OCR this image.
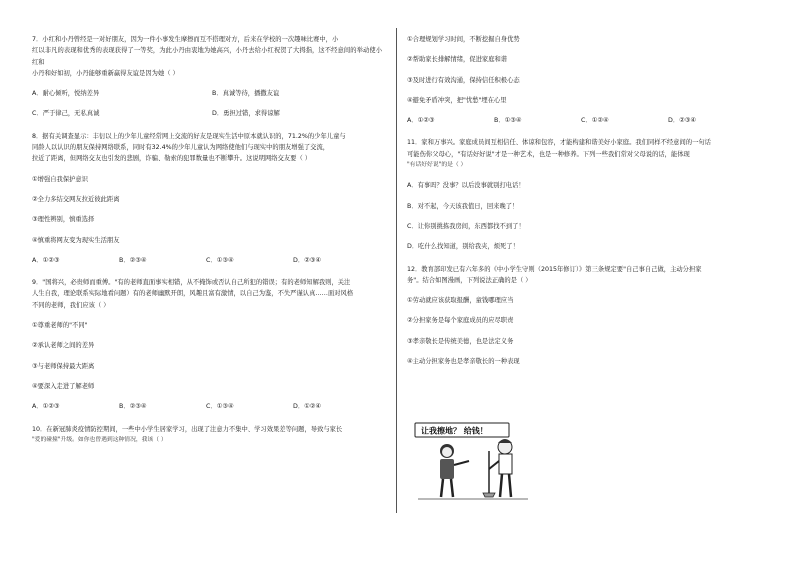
7．小红和小丹曾经是一对好朋友，因为一件小事发生摩擦而互不搭理对方，后来在学校的一次趣味比赛中，小
红以非凡的表现和优秀的表现获得了一等奖，为此小丹由衷地为她高兴，小丹去给小红祝贺了大拇指，这不经意间的举动使小红和
小丹和好如初，小丹能够重新赢得友谊是因为她（ ）
A．耐心倾听，悦纳差异	B．真诚等待，播撒友谊
C．严于律己，无私真诚	D．勇担过错，求得谅解
8．据有关调查显示：丰衍以上的少年儿童经常网上交流的好友是现实生活中原本就认识的，71.2%的少年儿童与
同龄人以认识的朋友保持网络联系，同时有32.4%的少年儿童认为网络使他们与现实中的朋友增强了交流，
拉近了距离，但网络交友也引发的悲剧，诈骗、勒索的犯罪数量也不断攀升。这说明网络交友要（ ）
①增强自我保护意识
②全力多结交网友拉近彼此距离
③理性辨别，慎重选择
④慎重将网友变为现实生活朋友
A．①②③	B．②③④	C．①③④	D．②③④
9．"国将兴，必贵师而重傅。"有的老师直面事实相错，从不掩饰或否认自己所犯的错误；有的老师知解我则，关注
人生自我，理论联系实际地看问题）有的老师幽默开朗，风趣且富有激情，以自己为鉴，不失严谨认真……面对风格
不同的老师，我们应该（ ）
①尊重老师的"不同"
②承认老师之间的差异
③与老师保持最大距离
④要深入走进了解老师
A．①②③	B．②③④	C．①③④	D．①②④
10．在新冠肺炎疫情防控期间，一些中小学生居家学习，出现了注意力不集中、学习效果差等问题，导致与家长
"爱的碰撞"升级。如你也曾遇到这种情况，我该（ ）
①合理规划学习时间，不断挖掘自身优势
②帮助家长排解情绪，促进家庭和谐
③及时进行有效沟通，保持信任积极心态
④避免矛盾冲突，把"忧愁"埋在心里
A．①②③	B．①③④	C．①②④	D．②③④
11．家和万事兴。家庭成员间互相信任、体谅和包容，才能构建和谐美好小家庭。我们同样不经意间的一句话
可能伤你父母心，"有话好好说"才是一种艺术，也是一种修养。下列一些我们常对父母说的话，能体现
"有话好好说"的是（ ）
A．有事吗？没事？以后没事就别打电话！
B．对不起，今天该我值日，回来晚了！
C．让你别挑拣我房间，东西都找不到了！
D．吃什么找知道，别给我夹，烦死了！
12．教育部印发已有六年多的《中小学生守则（2015年修订）》第三条规定要"自己事自己做，主动分担家
务"。结合如图漫画，下列说法正确的是（ ）
①劳动就应该获取报酬，童钱哪理应当
②分担家务是每个家庭成员的应尽职责
③孝亲敬长是传统美德，也是法定义务
④主动分担家务也是孝亲敬长的一种表现
让我擦地？ 给钱！
